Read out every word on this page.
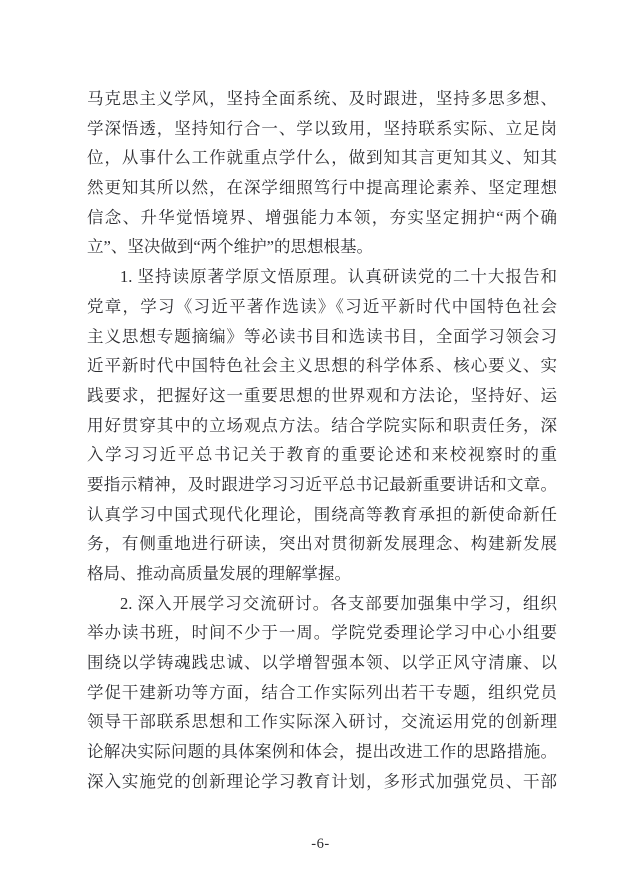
马克思主义学风，坚持全面系统、及时跟进，坚持多思多想、
学深悟透，坚持知行合一、学以致用，坚持联系实际、立足岗
位，从事什么工作就重点学什么，做到知其言更知其义、知其
然更知其所以然，在深学细照笃行中提高理论素养、坚定理想
信念、升华觉悟境界、增强能力本领，夯实坚定拥护“两个确
立”、坚决做到“两个维护”的思想根基。
1. 坚持读原著学原文悟原理。认真研读党的二十大报告和
党章，学习《习近平著作选读》《习近平新时代中国特色社会
主义思想专题摘编》等必读书目和选读书目，全面学习领会习
近平新时代中国特色社会主义思想的科学体系、核心要义、实
践要求，把握好这一重要思想的世界观和方法论，坚持好、运
用好贯穿其中的立场观点方法。结合学院实际和职责任务，深
入学习习近平总书记关于教育的重要论述和来校视察时的重
要指示精神，及时跟进学习习近平总书记最新重要讲话和文章。
认真学习中国式现代化理论，围绕高等教育承担的新使命新任
务，有侧重地进行研读，突出对贯彻新发展理念、构建新发展
格局、推动高质量发展的理解掌握。
2. 深入开展学习交流研讨。各支部要加强集中学习，组织
举办读书班，时间不少于一周。学院党委理论学习中心小组要
围绕以学铸魂践忠诚、以学增智强本领、以学正风守清廉、以
学促干建新功等方面，结合工作实际列出若干专题，组织党员
领导干部联系思想和工作实际深入研讨，交流运用党的创新理
论解决实际问题的具体案例和体会，提出改进工作的思路措施。
深入实施党的创新理论学习教育计划，多形式加强党员、干部
-6-
